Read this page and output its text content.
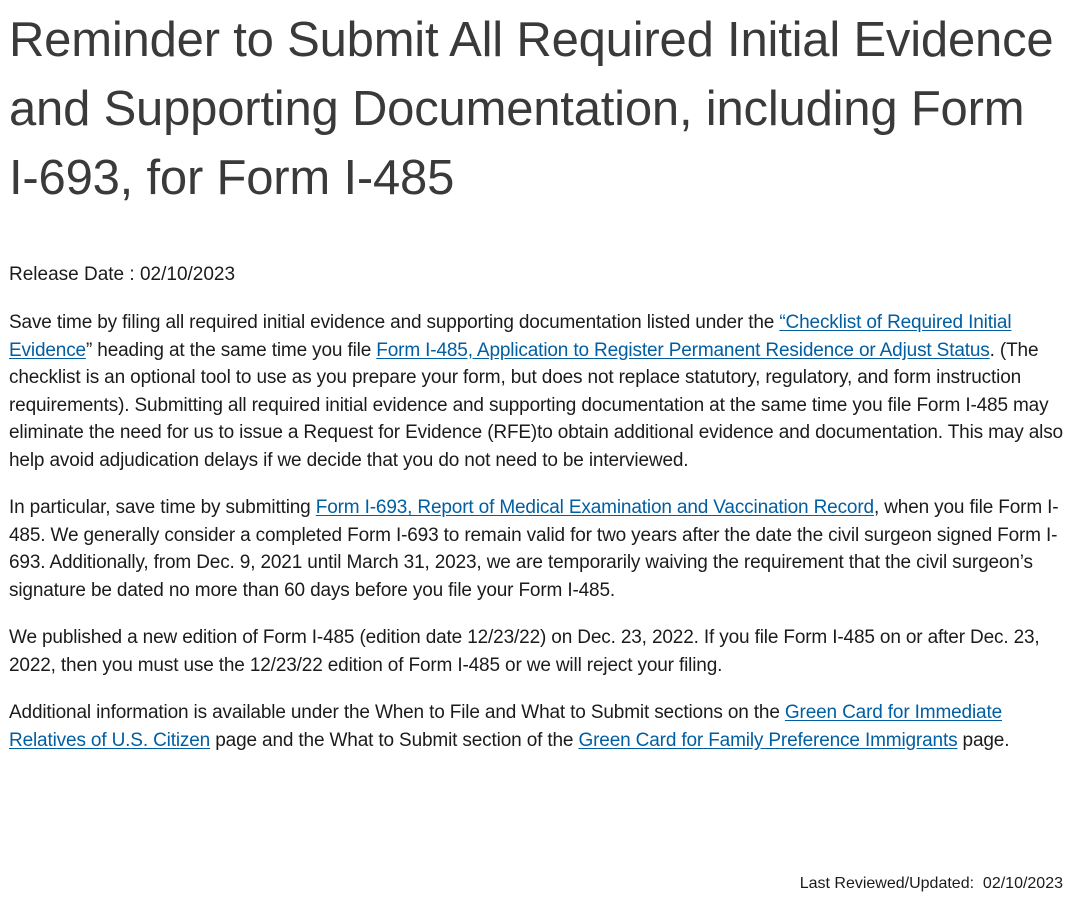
Reminder to Submit All Required Initial Evidence and Supporting Documentation, including Form I-693, for Form I-485
Release Date : 02/10/2023

Save time by filing all required initial evidence and supporting documentation listed under the “Checklist of Required Initial Evidence” heading at the same time you file Form I-485, Application to Register Permanent Residence or Adjust Status. (The checklist is an optional tool to use as you prepare your form, but does not replace statutory, regulatory, and form instruction requirements). Submitting all required initial evidence and supporting documentation at the same time you file Form I-485 may eliminate the need for us to issue a Request for Evidence (RFE)to obtain additional evidence and documentation. This may also help avoid adjudication delays if we decide that you do not need to be interviewed.

In particular, save time by submitting Form I-693, Report of Medical Examination and Vaccination Record, when you file Form I-485. We generally consider a completed Form I-693 to remain valid for two years after the date the civil surgeon signed Form I-693. Additionally, from Dec. 9, 2021 until March 31, 2023, we are temporarily waiving the requirement that the civil surgeon’s signature be dated no more than 60 days before you file your Form I-485.

We published a new edition of Form I-485 (edition date 12/23/22) on Dec. 23, 2022. If you file Form I-485 on or after Dec. 23, 2022, then you must use the 12/23/22 edition of Form I-485 or we will reject your filing.

Additional information is available under the When to File and What to Submit sections on the Green Card for Immediate Relatives of U.S. Citizen page and the What to Submit section of the Green Card for Family Preference Immigrants page.

Last Reviewed/Updated: 02/10/2023
